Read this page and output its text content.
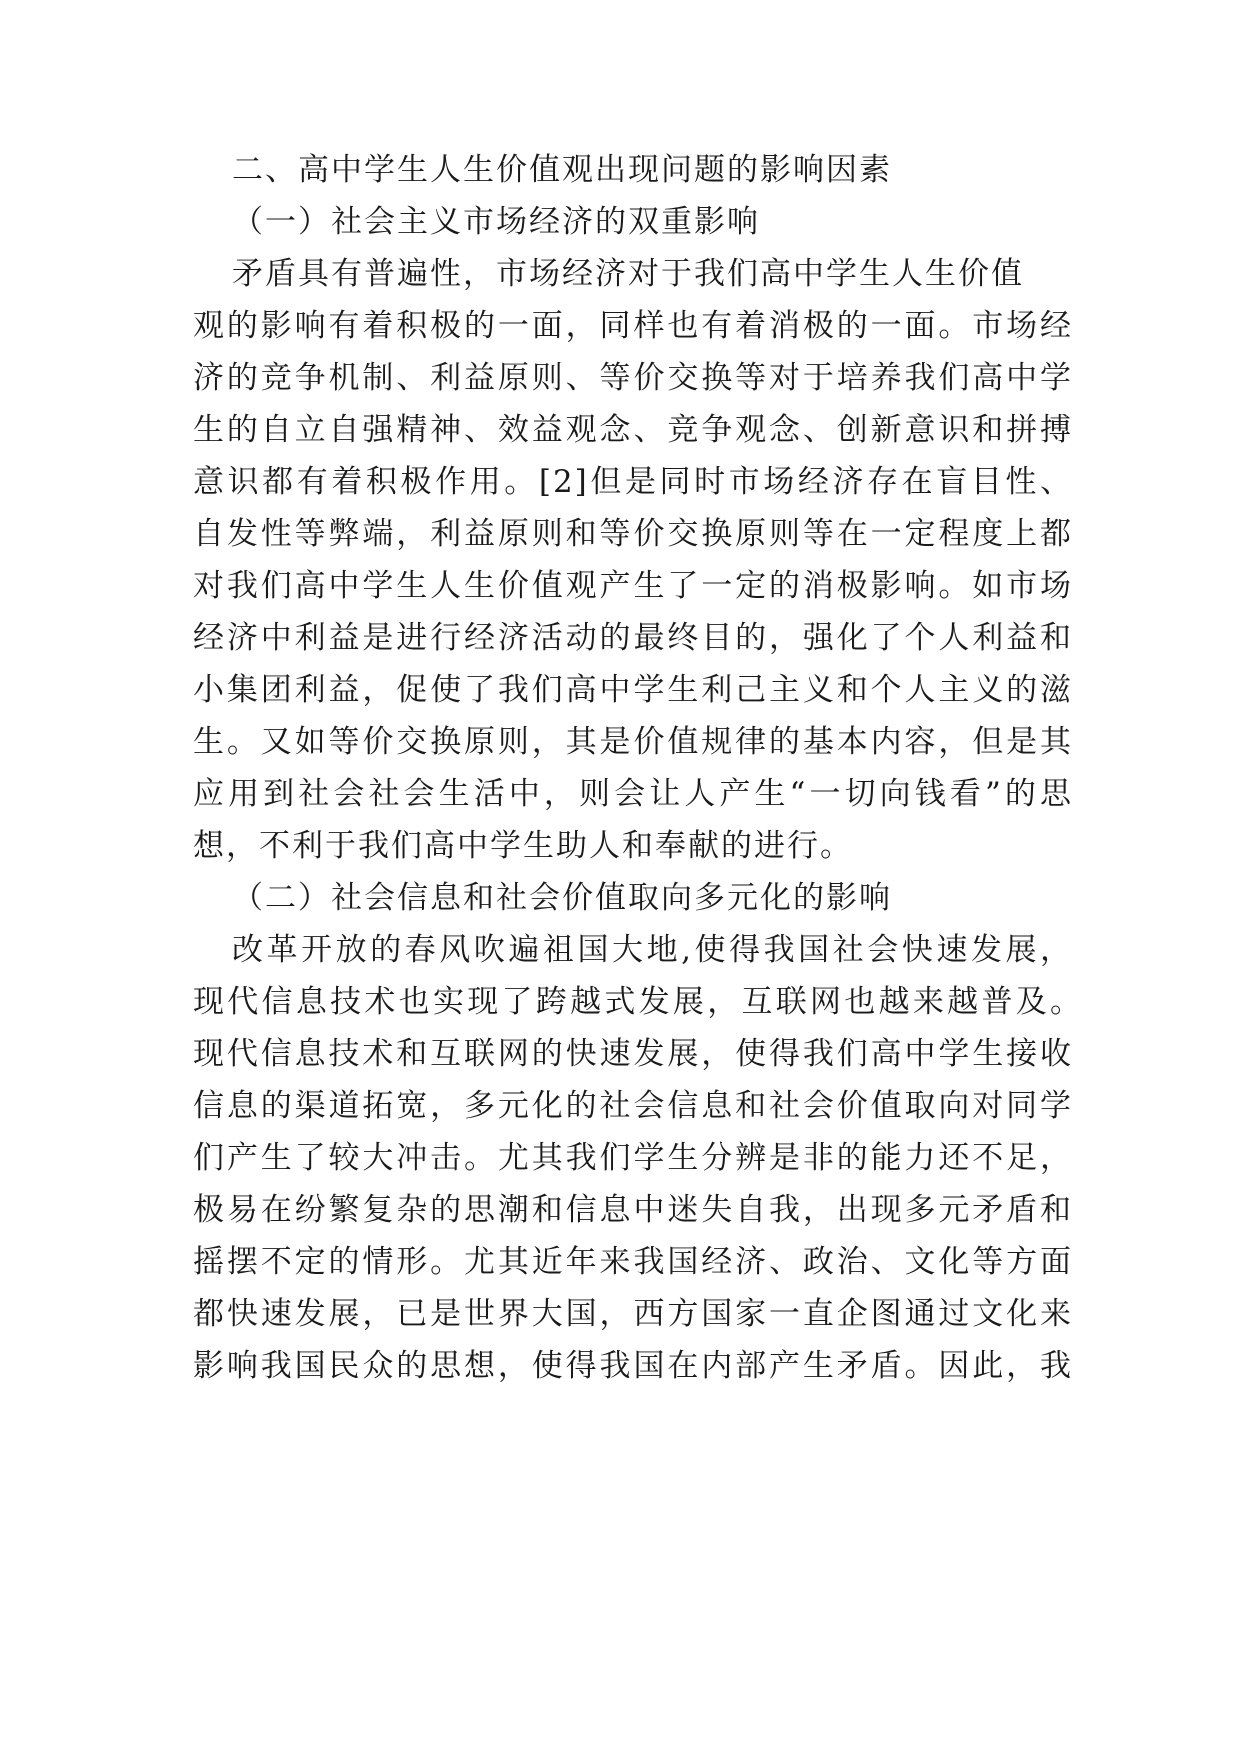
二、高中学生人生价值观出现问题的影响因素
（一）社会主义市场经济的双重影响
矛盾具有普遍性，市场经济对于我们高中学生人生价值
观的影响有着积极的一面，同样也有着消极的一面。市场经
济的竞争机制、利益原则、等价交换等对于培养我们高中学
生的自立自强精神、效益观念、竞争观念、创新意识和拼搏
意识都有着积极作用。[2]但是同时市场经济存在盲目性、
自发性等弊端，利益原则和等价交换原则等在一定程度上都
对我们高中学生人生价值观产生了一定的消极影响。如市场
经济中利益是进行经济活动的最终目的，强化了个人利益和
小集团利益，促使了我们高中学生利己主义和个人主义的滋
生。又如等价交换原则，其是价值规律的基本内容，但是其
应用到社会社会生活中，则会让人产生“一切向钱看”的思
想，不利于我们高中学生助人和奉献的进行。
（二）社会信息和社会价值取向多元化的影响
改革开放的春风吹遍祖国大地,使得我国社会快速发展，
现代信息技术也实现了跨越式发展，互联网也越来越普及。
现代信息技术和互联网的快速发展，使得我们高中学生接收
信息的渠道拓宽，多元化的社会信息和社会价值取向对同学
们产生了较大冲击。尤其我们学生分辨是非的能力还不足，
极易在纷繁复杂的思潮和信息中迷失自我，出现多元矛盾和
摇摆不定的情形。尤其近年来我国经济、政治、文化等方面
都快速发展，已是世界大国，西方国家一直企图通过文化来
影响我国民众的思想，使得我国在内部产生矛盾。因此，我
